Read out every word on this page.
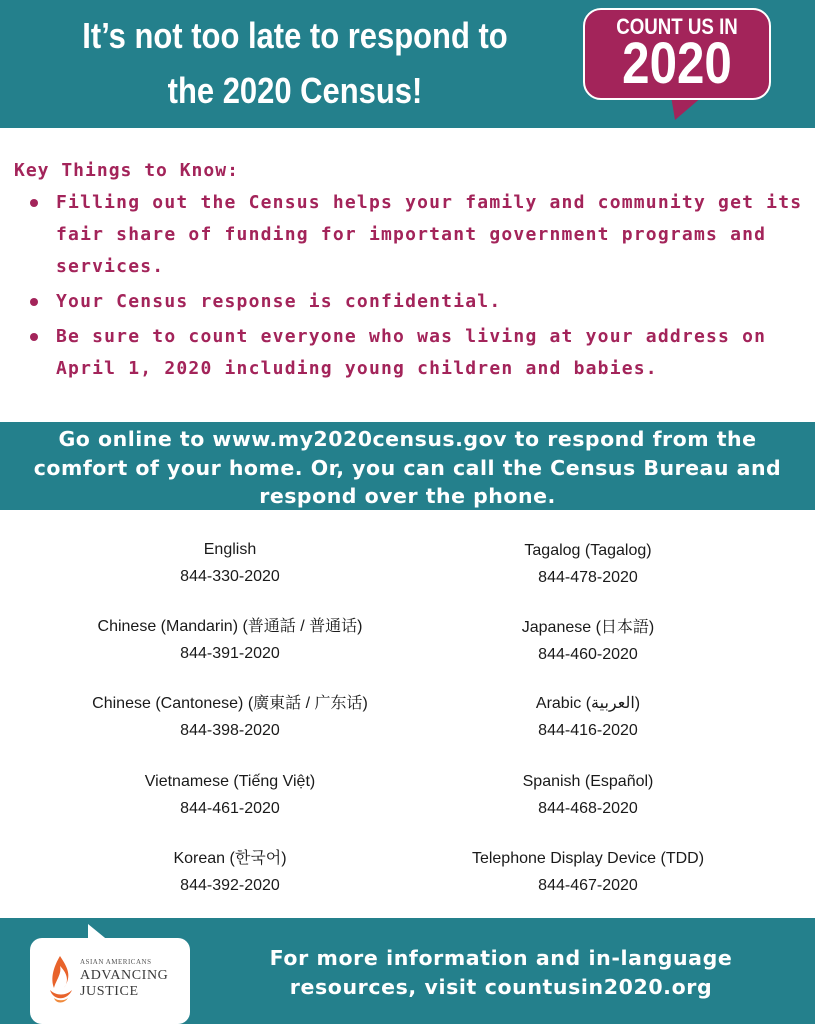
It’s not too late to respond to the 2020 Census!
COUNT US IN
2020
Key Things to Know:
Filling out the Census helps your family and community get its fair share of funding for important government programs and services.
Your Census response is confidential.
Be sure to count everyone who was living at your address on April 1, 2020 including young children and babies.
Go online to www.my2020census.gov to respond from the comfort of your home. Or, you can call the Census Bureau and respond over the phone.
English
844-330-2020
Chinese (Mandarin) (普通話 / 普通话)
844-391-2020
Chinese (Cantonese) (廣東話 / 广东话)
844-398-2020
Vietnamese (Tiếng Việt)
844-461-2020
Korean (한국어)
844-392-2020
Tagalog (Tagalog)
844-478-2020
Japanese (日本語)
844-460-2020
Arabic (العربية)
844-416-2020
Spanish (Español)
844-468-2020
Telephone Display Device (TDD)
844-467-2020
ASIAN AMERICANS
ADVANCING
JUSTICE
For more information and in-language resources, visit countusin2020.org
